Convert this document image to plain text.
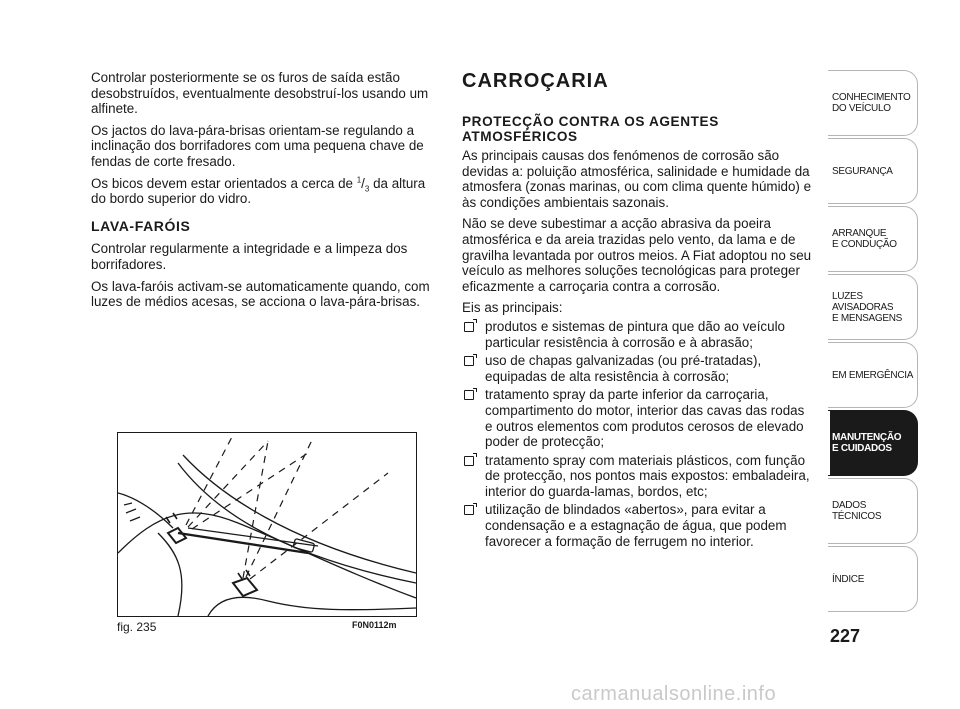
Controlar posteriormente se os furos de saída estão desobstruídos, eventualmente desobstruí-los usando um alfinete.

Os jactos do lava-pára-brisas orientam-se regulando a inclinação dos borrifadores com uma pequena chave de fendas de corte fresado.

Os bicos devem estar orientados a cerca de $^1/_3$ da altura do bordo superior do vidro.

LAVA-FARÓIS

Controlar regularmente a integridade e a limpeza dos borrifadores.

Os lava-faróis activam-se automaticamente quando, com luzes de médios acesas, se acciona o lava-pára-brisas.

fig. 235	F0N0112m
CARROÇARIA
PROTECÇÃO CONTRA OS AGENTES ATMOSFÉRICOS

As principais causas dos fenómenos de corrosão são devidas a: poluição atmosférica, salinidade e humidade da atmosfera (zonas marinas, ou com clima quente húmido) e às condições ambientais sazonais.

Não se deve subestimar a acção abrasiva da poeira atmosférica e da areia trazidas pelo vento, da lama e de gravilha levantada por outros meios. A Fiat adoptou no seu veículo as melhores soluções tecnológicas para proteger eficazmente a carroçaria contra a corrosão.

Eis as principais:

produtos e sistemas de pintura que dão ao veículo particular resistência à corrosão e à abrasão;
uso de chapas galvanizadas (ou pré-tratadas), equipadas de alta resistência à corrosão;
tratamento spray da parte inferior da carroçaria, compartimento do motor, interior das cavas das rodas e outros elementos com produtos cerosos de elevado poder de protecção;
tratamento spray com materiais plásticos, com função de protecção, nos pontos mais expostos: embaladeira, interior do guarda-lamas, bordos, etc;
utilização de blindados «abertos», para evitar a condensação e a estagnação de água, que podem favorecer a formação de ferrugem no interior.
CONHECIMENTO
DO VEÍCULO
SEGURANÇA
ARRANQUE
E CONDUÇÃO
LUZES
AVISADORAS
E MENSAGENS
EM EMERGÊNCIA
MANUTENÇÃO
E CUIDADOS
DADOS
TÉCNICOS
ÍNDICE
227
carmanualsonline.info
